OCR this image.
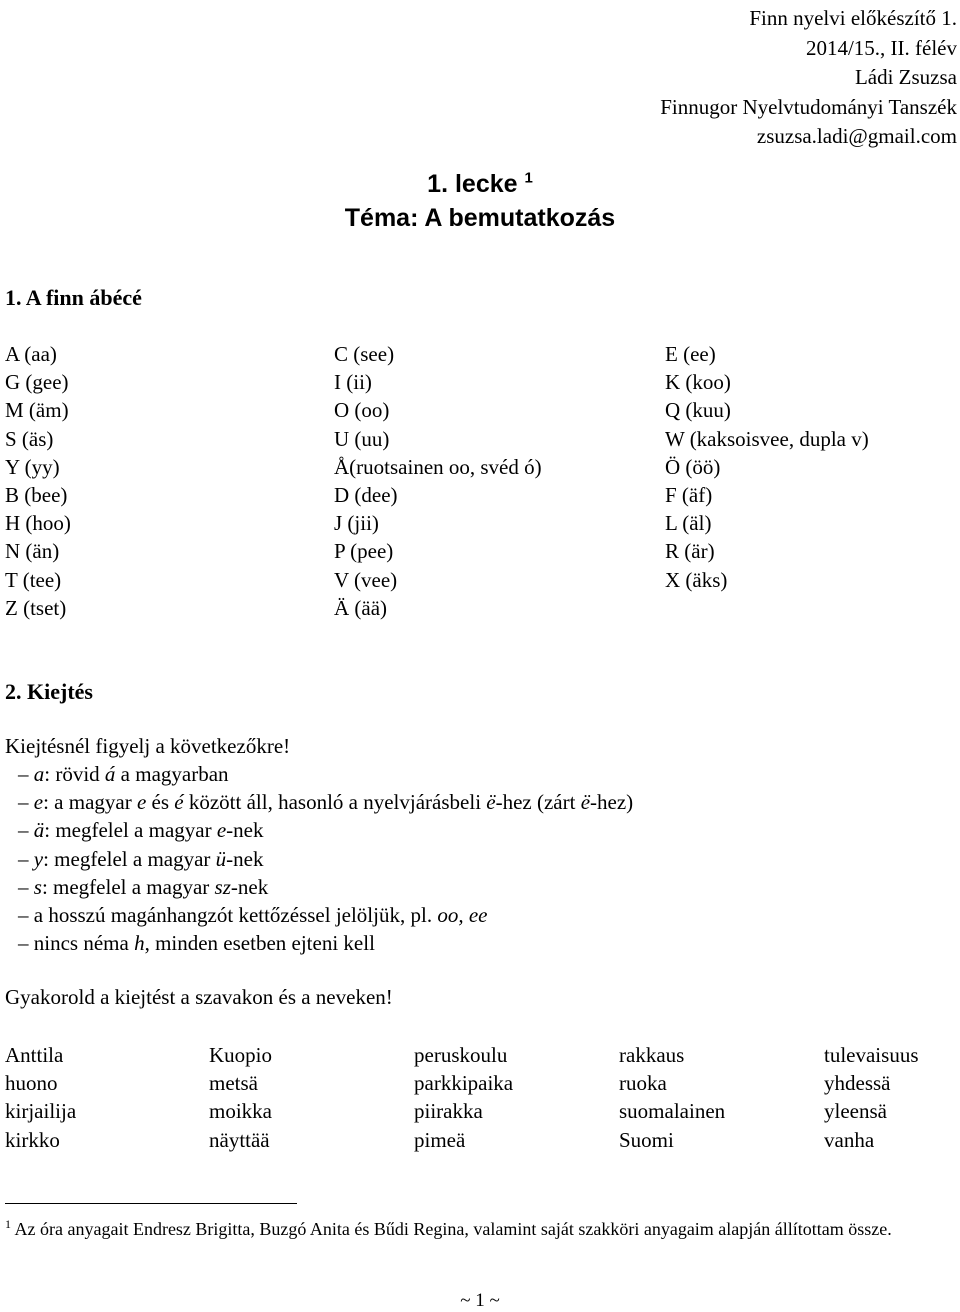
Finn nyelvi előkészítő 1.
2014/15., II. félév
Ládi Zsuzsa
Finnugor Nyelvtudományi Tanszék
zsuzsa.ladi@gmail.com
1. lecke $^1$
Téma: A bemutatkozás
1. A finn ábécé
A (aa)	C (see)	E (ee)
G (gee)	I (ii)	K (koo)
M (äm)	O (oo)	Q (kuu)
S (äs)	U (uu)	W (kaksoisvee, dupla v)
Y (yy)	Å(ruotsainen oo, svéd ó)	Ö (öö)
B (bee)	D (dee)	F (äf)
H (hoo)	J (jii)	L (äl)
N (än)	P (pee)	R (är)
T (tee)	V (vee)	X (äks)
Z (tset)	Ä (ää)
2. Kiejtés
Kiejtésnél figyelj a következőkre!
– a: rövid á a magyarban
– e: a magyar e és é között áll, hasonló a nyelvjárásbeli ë-hez (zárt ë-hez)
– ä: megfelel a magyar e-nek
– y: megfelel a magyar ü-nek
– s: megfelel a magyar sz-nek
– a hosszú magánhangzót kettőzéssel jelöljük, pl. oo, ee
– nincs néma h, minden esetben ejteni kell
Gyakorold a kiejtést a szavakon és a neveken!
Anttila	Kuopio	peruskoulu	rakkaus	tulevaisuus
huono	metsä	parkkipaika	ruoka	yhdessä
kirjailija	moikka	piirakka	suomalainen	yleensä
kirkko	näyttää	pimeä	Suomi	vanha
$^1$ Az óra anyagait Endresz Brigitta, Buzgó Anita és Bűdi Regina, valamint saját szakköri anyagaim alapján állítottam össze.
~ 1 ~
